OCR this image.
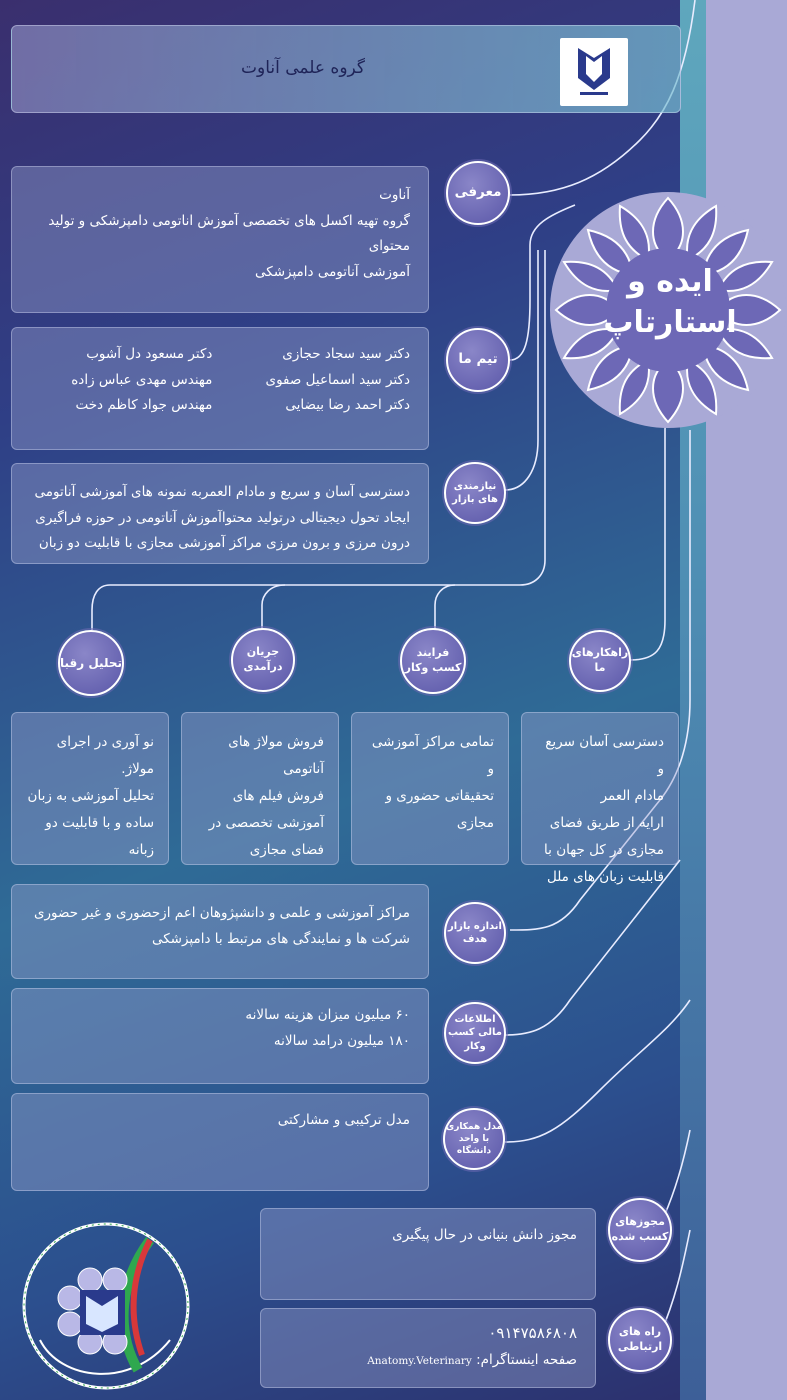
ایده و
استارتاپ
گروه علمی آناوت
آناوت
گروه تهیه اکسل های تخصصی آموزش اناتومی دامپزشکی و تولید محتوای
آموزشی آناتومی دامپزشکی
معرفی
دکتر سید سجاد حجازی
دکتر سید اسماعیل صفوی
دکتر احمد رضا بیضایی
دکتر مسعود دل آشوب
مهندس مهدی عباس زاده
مهندس جواد کاظم دخت
تیم ما
دسترسی آسان و سریع و مادام العمربه نمونه های آموزشی آناتومی
ایجاد تحول دیجیتالی درتولید محتواآموزش آناتومی در حوزه فراگیری
درون مرزی و برون مرزی مراکز آموزشی مجازی با قابلیت دو زبان
نیازمندی های بازار
راهکارهای ما
فرایند کسب وکار
جریان درآمدی
تحلیل رقبا
دسترسی آسان سریع و
مادام العمر
ارایه از طریق فضای
مجازی در کل جهان با
قابلیت زبان های ملل
تمامی مراکز آموزشی و
تحقیقاتی حضوری و
مجازی
فروش مولاژ های
آناتومی
فروش فیلم های
آموزشی تخصصی در
فضای مجازی
نو آوری در اجرای مولاژ.
تحلیل آموزشی به زبان
ساده و با قابلیت دو زبانه
مراکز آموزشی و علمی و دانشپژوهان اعم ازحضوری و غیر حضوری
شرکت ها و نمایندگی های مرتبط با دامپزشکی
اندازه بازار هدف
۶۰ میلیون میزان هزینه سالانه
۱۸۰ میلیون درامد سالانه
اطلاعات مالی کسب وکار
مدل ترکیبی و مشارکتی	مدل همکاری با واحد دانشگاه
مجوز دانش بنیانی در حال پیگیری
مجوزهای کسب شده
۰۹۱۴۷۵۸۶۸۰۸
صفحه اینستاگرام: Anatomy.Veterinary
راه های ارتباطی
